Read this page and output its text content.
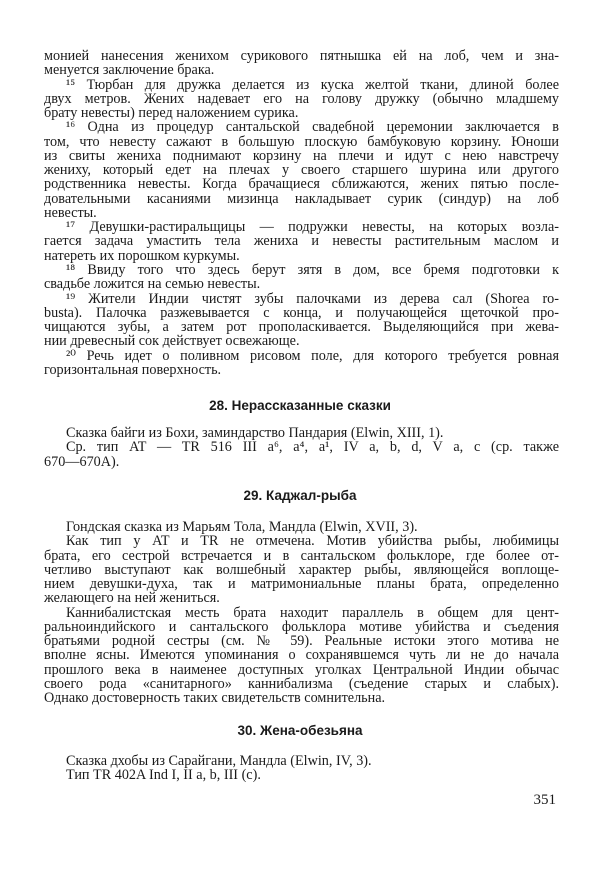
монией нанесения женихом сурикового пятнышка ей на лоб, чем и зна-
менуется заключение брака.
¹⁵ Тюрбан для дружка делается из куска желтой ткани, длиной более
двух метров. Жених надевает его на голову дружку (обычно младшему
брату невесты) перед наложением сурика.
¹⁶ Одна из процедур сантальской свадебной церемонии заключается в
том, что невесту сажают в большую плоскую бамбуковую корзину. Юноши
из свиты жениха поднимают корзину на плечи и идут с нею навстречу
жениху, который едет на плечах у своего старшего шурина или другого
родственника невесты. Когда брачащиеся сближаются, жених пятью после-
довательными касаниями мизинца накладывает сурик (синдур) на лоб
невесты.
¹⁷ Девушки-растиральщицы — подружки невесты, на которых возла-
гается задача умастить тела жениха и невесты растительным маслом и
натереть их порошком куркумы.
¹⁸ Ввиду того что здесь берут зятя в дом, все бремя подготовки к
свадьбе ложится на семью невесты.
¹⁹ Жители Индии чистят зубы палочками из дерева сал (Shorea ro-
busta). Палочка разжевывается с конца, и получающейся щеточкой про-
чищаются зубы, а затем рот прополаскивается. Выделяющийся при жева-
нии древесный сок действует освежающе.
²⁰ Речь идет о поливном рисовом поле, для которого требуется ровная
горизонтальная поверхность.
28. Нерассказанные сказки
Сказка байги из Бохи, заминдарство Пандария (Elwin, XIII, 1).
Ср. тип AT — TR 516 III a⁶, a⁴, a¹, IV a, b, d, V a, c (ср. также
670—670A).
29. Каджал-рыба
Гондская сказка из Марьям Тола, Мандла (Elwin, XVII, 3).
Как тип у AT и TR не отмечена. Мотив убийства рыбы, любимицы
брата, его сестрой встречается и в сантальском фольклоре, где более от-
четливо выступают как волшебный характер рыбы, являющейся воплоще-
нием девушки-духа, так и матримониальные планы брата, определенно
желающего на ней жениться.
Каннибалистская месть брата находит параллель в общем для цент-
ральноиндийского и сантальского фольклора мотиве убийства и съедения
братьями родной сестры (см. № 59). Реальные истоки этого мотива не
вполне ясны. Имеются упоминания о сохранявшемся чуть ли не до начала
прошлого века в наименее доступных уголках Центральной Индии обычас
своего рода «санитарного» каннибализма (съедение старых и слабых).
Однако достоверность таких свидетельств сомнительна.
30. Жена-обезьяна
Сказка дхобы из Сарайгани, Мандла (Elwin, IV, 3).
Тип TR 402A Ind I, II a, b, III (c).
351
